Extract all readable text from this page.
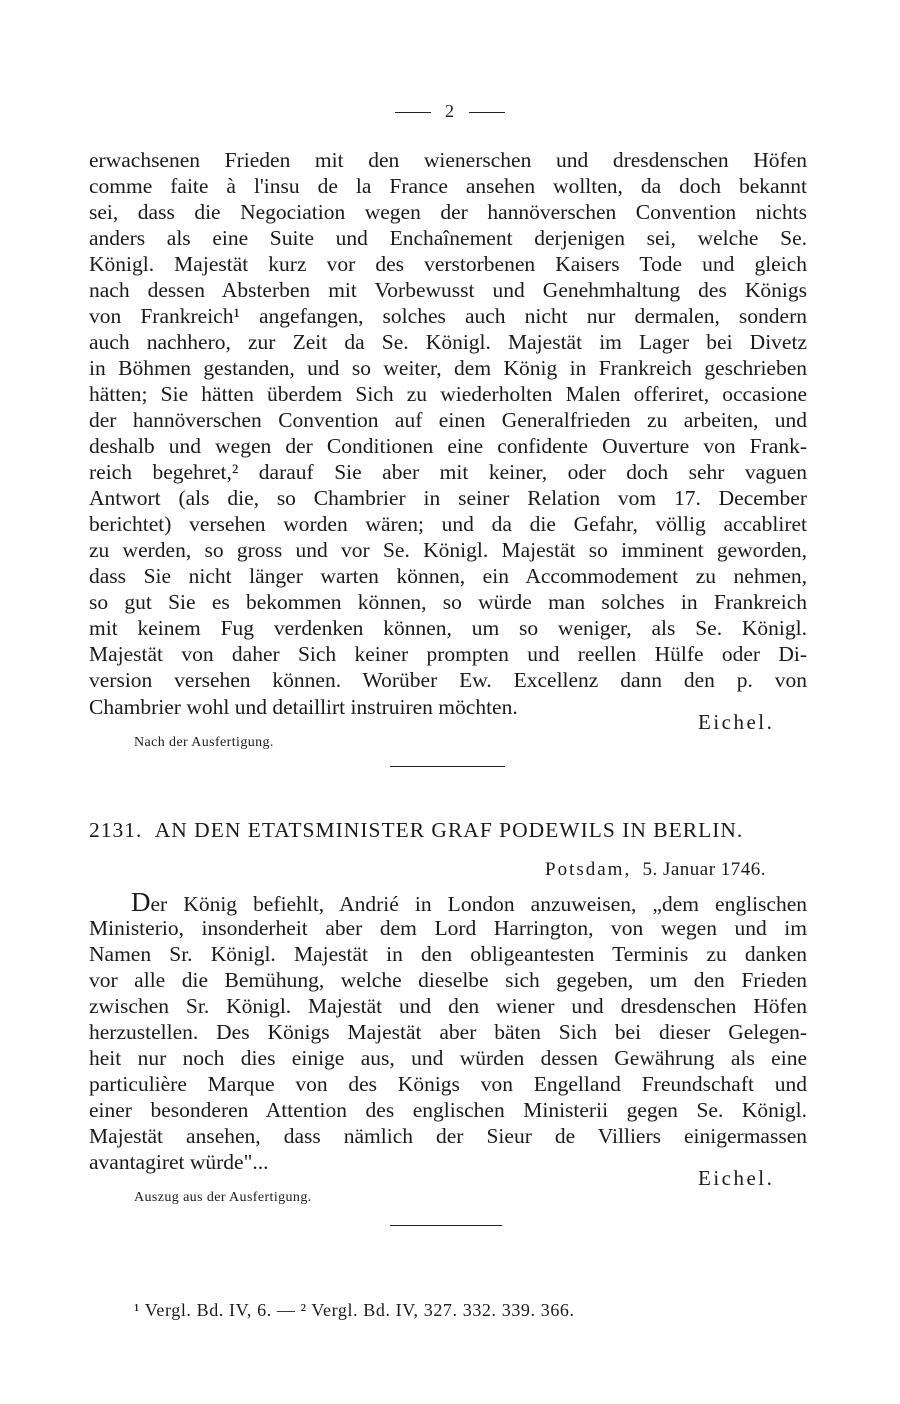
2
erwachsenen Frieden mit den wienerschen und dresdenschen Höfen
comme faite à l'insu de la France ansehen wollten, da doch bekannt
sei, dass die Negociation wegen der hannöverschen Convention nichts
anders als eine Suite und Enchaînement derjenigen sei, welche Se.
Königl. Majestät kurz vor des verstorbenen Kaisers Tode und gleich
nach dessen Absterben mit Vorbewusst und Genehmhaltung des Königs
von Frankreich¹ angefangen, solches auch nicht nur dermalen, sondern
auch nachhero, zur Zeit da Se. Königl. Majestät im Lager bei Divetz
in Böhmen gestanden, und so weiter, dem König in Frankreich geschrieben
hätten; Sie hätten überdem Sich zu wiederholten Malen offeriret, occasione
der hannöverschen Convention auf einen Generalfrieden zu arbeiten, und
deshalb und wegen der Conditionen eine confidente Ouverture von Frank-
reich begehret,² darauf Sie aber mit keiner, oder doch sehr vaguen
Antwort (als die, so Chambrier in seiner Relation vom 17. December
berichtet) versehen worden wären; und da die Gefahr, völlig accabliret
zu werden, so gross und vor Se. Königl. Majestät so imminent geworden,
dass Sie nicht länger warten können, ein Accommodement zu nehmen,
so gut Sie es bekommen können, so würde man solches in Frankreich
mit keinem Fug verdenken können, um so weniger, als Se. Königl.
Majestät von daher Sich keiner prompten und reellen Hülfe oder Di-
version versehen können. Worüber Ew. Excellenz dann den p. von
Chambrier wohl und detaillirt instruiren möchten.
Eichel.
Nach der Ausfertigung.
2131. AN DEN ETATSMINISTER GRAF PODEWILS IN BERLIN.
Potsdam, 5. Januar 1746.
Der König befiehlt, Andrié in London anzuweisen, „dem englischen
Ministerio, insonderheit aber dem Lord Harrington, von wegen und im
Namen Sr. Königl. Majestät in den obligeantesten Terminis zu danken
vor alle die Bemühung, welche dieselbe sich gegeben, um den Frieden
zwischen Sr. Königl. Majestät und den wiener und dresdenschen Höfen
herzustellen. Des Königs Majestät aber bäten Sich bei dieser Gelegen-
heit nur noch dies einige aus, und würden dessen Gewährung als eine
particulière Marque von des Königs von Engelland Freundschaft und
einer besonderen Attention des englischen Ministerii gegen Se. Königl.
Majestät ansehen, dass nämlich der Sieur de Villiers einigermassen
avantagiret würde"...
Eichel.
Auszug aus der Ausfertigung.
¹ Vergl. Bd. IV, 6. — ² Vergl. Bd. IV, 327. 332. 339. 366.
